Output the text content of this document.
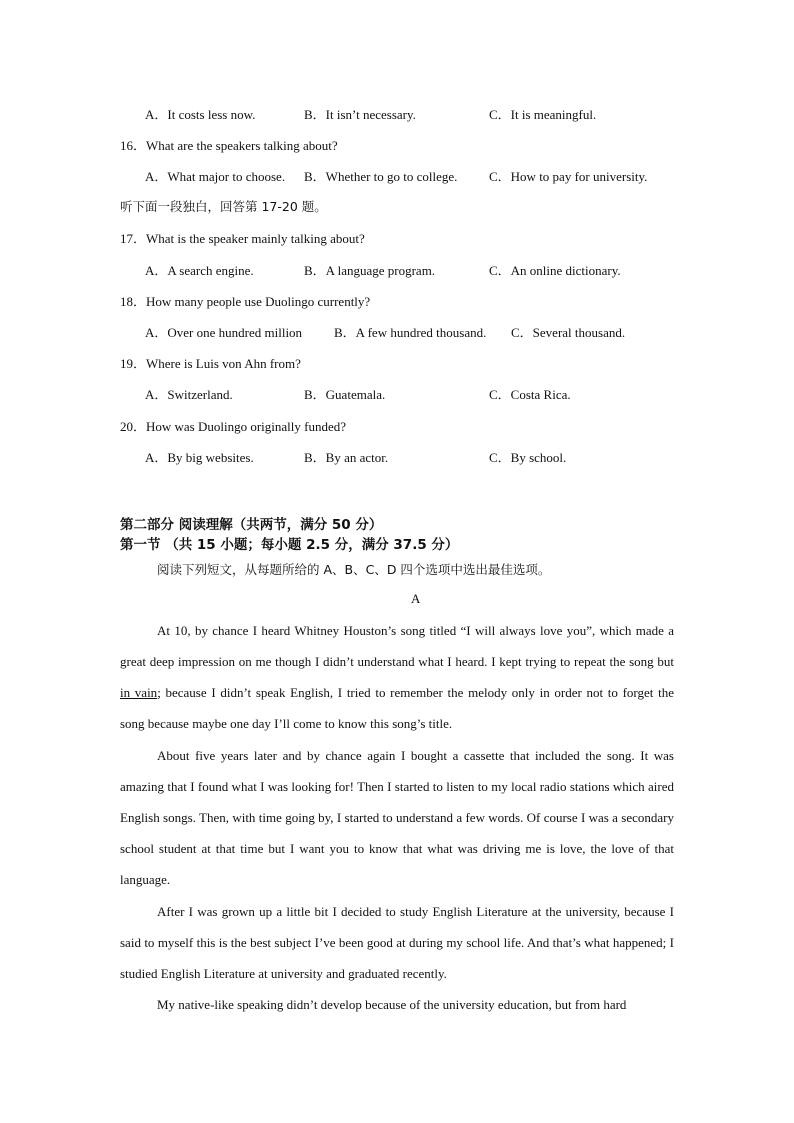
A．It costs less now.	B．It isn’t necessary.	C．It is meaningful.
16．What are the speakers talking about?
A．What major to choose. B．Whether to go to college. C．How to pay for university.
听下面一段独白，回答第 17-20 题。
17．What is the speaker mainly talking about?
A．A search engine.	B．A language program.	C．An online dictionary.
18．How many people use Duolingo currently?
A．Over one hundred million B．A few hundred thousand. C．Several thousand.
19．Where is Luis von Ahn from?
A．Switzerland.	B．Guatemala.	C．Costa Rica.
20．How was Duolingo originally funded?
A．By big websites.	B．By an actor.	C．By school.
第二部分 阅读理解（共两节，满分 50 分）
第一节 （共 15 小题；每小题 2.5 分，满分 37.5 分）
阅读下列短文，从每题所给的 A、B、C、D 四个选项中选出最佳选项。
A
At 10, by chance I heard Whitney Houston’s song titled “I will always love you”, which made a great deep impression on me though I didn’t understand what I heard. I kept trying to repeat the song but in vain; because I didn’t speak English, I tried to remember the melody only in order not to forget the song because maybe one day I’ll come to know this song’s title.
About five years later and by chance again I bought a cassette that included the song. It was amazing that I found what I was looking for! Then I started to listen to my local radio stations which aired English songs. Then, with time going by, I started to understand a few words. Of course I was a secondary school student at that time but I want you to know that what was driving me is love, the love of that language.
After I was grown up a little bit I decided to study English Literature at the university, because I said to myself this is the best subject I’ve been good at during my school life. And that’s what happened; I studied English Literature at university and graduated recently.
My native-like speaking didn’t develop because of the university education, but from hard
